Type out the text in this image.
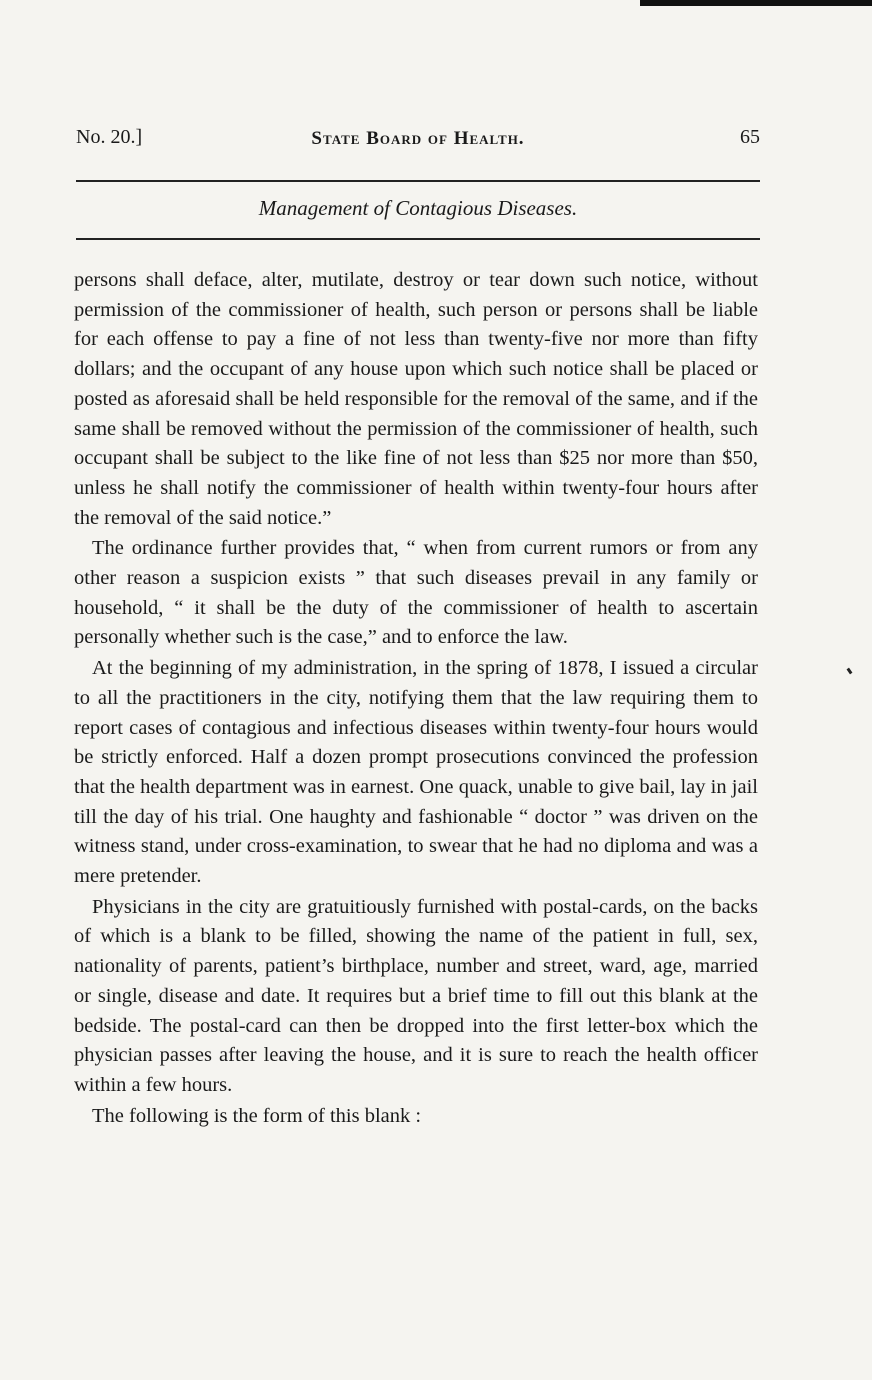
No. 20.]	State Board of Health.	65
Management of Contagious Diseases.

persons shall deface, alter, mutilate, destroy or tear down such notice, without permission of the commissioner of health, such person or persons shall be liable for each offense to pay a fine of not less than twenty-five nor more than fifty dollars; and the occupant of any house upon which such notice shall be placed or posted as aforesaid shall be held responsible for the removal of the same, and if the same shall be removed without the permission of the commissioner of health, such occupant shall be subject to the like fine of not less than $25 nor more than $50, unless he shall notify the commissioner of health within twenty-four hours after the removal of the said notice.”

The ordinance further provides that, “ when from current rumors or from any other reason a suspicion exists ” that such diseases prevail in any family or household, “ it shall be the duty of the commissioner of health to ascertain personally whether such is the case,” and to enforce the law.

At the beginning of my administration, in the spring of 1878, I issued a circular to all the practitioners in the city, notifying them that the law requiring them to report cases of contagious and infectious diseases within twenty-four hours would be strictly enforced. Half a dozen prompt prosecutions convinced the profession that the health department was in earnest. One quack, unable to give bail, lay in jail till the day of his trial. One haughty and fashionable “ doctor ” was driven on the witness stand, under cross-examination, to swear that he had no diploma and was a mere pretender.

Physicians in the city are gratuitiously furnished with postal-cards, on the backs of which is a blank to be filled, showing the name of the patient in full, sex, nationality of parents, patient’s birthplace, number and street, ward, age, married or single, disease and date. It requires but a brief time to fill out this blank at the bedside. The postal-card can then be dropped into the first letter-box which the physician passes after leaving the house, and it is sure to reach the health officer within a few hours.

The following is the form of this blank :
